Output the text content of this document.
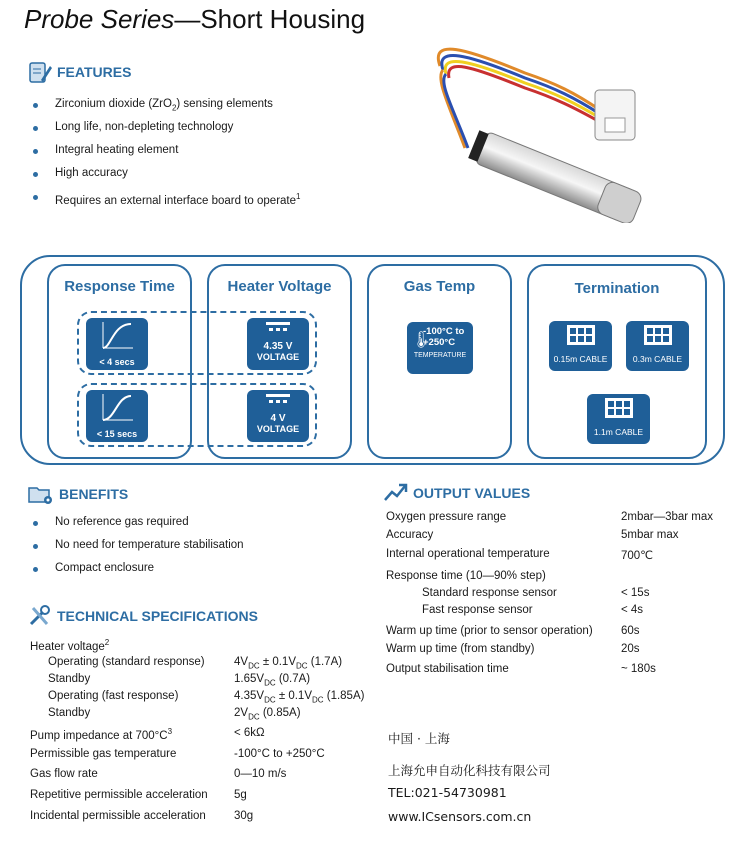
Probe Series—Short Housing
FEATURES
Zirconium dioxide (ZrO$_2$) sensing elements
Long life, non-depleting technology
Integral heating element
High accuracy
Requires an external interface board to operate$^1$
Response Time	Heater Voltage
< 4 secs
< 15 secs
4.35 V
VOLTAGE
4 V
VOLTAGE
Gas Temp
🌡
-100°C to
+250°C
TEMPERATURE
Termination
0.15m CABLE	0.3m CABLE
1.1m CABLE
BENEFITS
No reference gas required
No need for temperature stabilisation
Compact enclosure
TECHNICAL SPECIFICATIONS
Heater voltage$^2$
Operating (standard response)	$4V_{DC} \pm 0.1V_{DC}$ (1.7A)
Standby	$1.65V_{DC}$ (0.7A)
Operating (fast response)	$4.35V_{DC} \pm 0.1V_{DC}$ (1.85A)
Standby	$2V_{DC}$ (0.85A)
Pump impedance at $700^\circ C^3$	< 6kΩ
Permissible gas temperature	-100°C to +250°C
Gas flow rate	0—10 m/s
Repetitive permissible acceleration 5g
Incidental permissible acceleration 30g
OUTPUT VALUES
Oxygen pressure range	2mbar—3bar max
Accuracy	5mbar max
Internal operational temperature	700℃
Response time (10—90% step)
Standard response sensor	< 15s
Fast response sensor	< 4s
Warm up time (prior to sensor operation) 60s
Warm up time (from standby)	20s
Output stabilisation time	~ 180s
中国 · 上海
上海允申自动化科技有限公司
TEL:021-54730981
www.ICsensors.com.cn
